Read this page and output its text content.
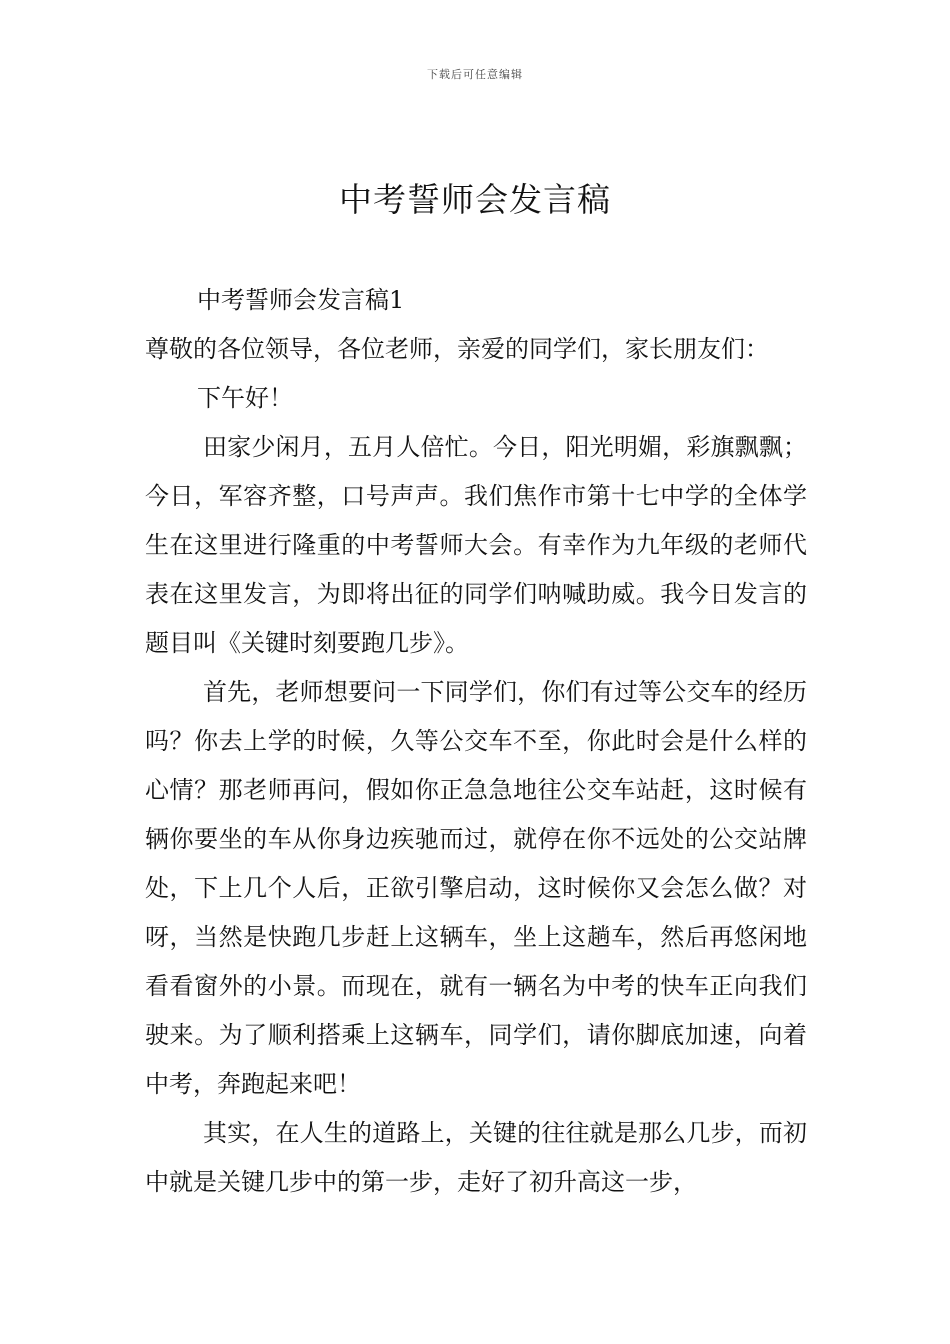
下载后可任意编辑
中考誓师会发言稿

中考誓师会发言稿1

尊敬的各位领导，各位老师，亲爱的同学们，家长朋友们：

下午好！

田家少闲月，五月人倍忙。今日，阳光明媚，彩旗飘飘；今日，军容齐整，口号声声。我们焦作市第十七中学的全体学生在这里进行隆重的中考誓师大会。有幸作为九年级的老师代表在这里发言，为即将出征的同学们呐喊助威。我今日发言的题目叫《关键时刻要跑几步》。

首先，老师想要问一下同学们，你们有过等公交车的经历吗？你去上学的时候，久等公交车不至，你此时会是什么样的心情？那老师再问，假如你正急急地往公交车站赶，这时候有辆你要坐的车从你身边疾驰而过，就停在你不远处的公交站牌处，下上几个人后，正欲引擎启动，这时候你又会怎么做？对呀，当然是快跑几步赶上这辆车，坐上这趟车，然后再悠闲地看看窗外的小景。而现在，就有一辆名为中考的快车正向我们驶来。为了顺利搭乘上这辆车，同学们，请你脚底加速，向着中考，奔跑起来吧！

其实，在人生的道路上，关键的往往就是那么几步，而初中就是关键几步中的第一步，走好了初升高这一步，
